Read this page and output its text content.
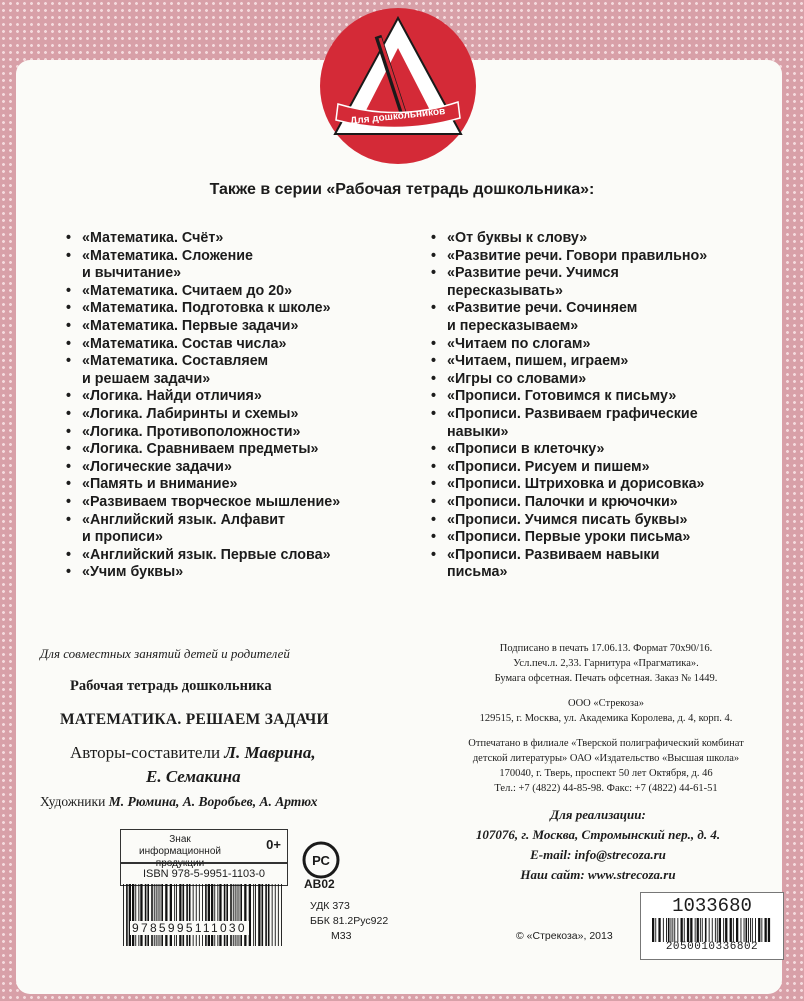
Для дошкольников
Также в серии «Рабочая тетрадь дошкольника»:
• «Математика. Счёт»
• «Математика. Сложение
и вычитание»
• «Математика. Считаем до 20»
• «Математика. Подготовка к школе»
• «Математика. Первые задачи»
• «Математика. Состав числа»
• «Математика. Составляем
и решаем задачи»
• «Логика. Найди отличия»
• «Логика. Лабиринты и схемы»
• «Логика. Противоположности»
• «Логика. Сравниваем предметы»
• «Логические задачи»
• «Память и внимание»
• «Развиваем творческое мышление»
• «Английский язык. Алфавит
и прописи»
• «Английский язык. Первые слова»
• «Учим буквы»
• «От буквы к слову»
• «Развитие речи. Говори правильно»
• «Развитие речи. Учимся
пересказывать»
• «Развитие речи. Сочиняем
и пересказываем»
• «Читаем по слогам»
• «Читаем, пишем, играем»
• «Игры со словами»
• «Прописи. Готовимся к письму»
• «Прописи. Развиваем графические
навыки»
• «Прописи в клеточку»
• «Прописи. Рисуем и пишем»
• «Прописи. Штриховка и дорисовка»
• «Прописи. Палочки и крючочки»
• «Прописи. Учимся писать буквы»
• «Прописи. Первые уроки письма»
• «Прописи. Развиваем навыки
письма»
Для совместных занятий детей и родителей
Рабочая тетрадь дошкольника
МАТЕМАТИКА. РЕШАЕМ ЗАДАЧИ
Авторы-составители Л. Маврина,
Е. Семакина
Художники М. Рюмина, А. Воробьев, А. Артюх
Подписано в печать 17.06.13. Формат 70х90/16.
Усл.печ.л. 2,33. Гарнитура «Прагматика».
Бумага офсетная. Печать офсетная. Заказ № 1449.
ООО «Стрекоза»
129515, г. Москва, ул. Академика Королева, д. 4, корп. 4.
Отпечатано в филиале «Тверской полиграфический комбинат
детской литературы» ОАО «Издательство «Высшая школа»
170040, г. Тверь, проспект 50 лет Октября, д. 46
Тел.: +7 (4822) 44-85-98. Факс: +7 (4822) 44-61-51
Для реализации:
107076, г. Москва, Стромынский пер., д. 4.
E-mail: info@strecoza.ru
Наш сайт: www.strecoza.ru
Знак информационной продукции
0+
ISBN 978-5-9951-1103-0
9785995111030
РС
АВ02
УДК 373
ББК 81.2Рус922
М33	© «Стрекоза», 2013
1033680
2050010336802
